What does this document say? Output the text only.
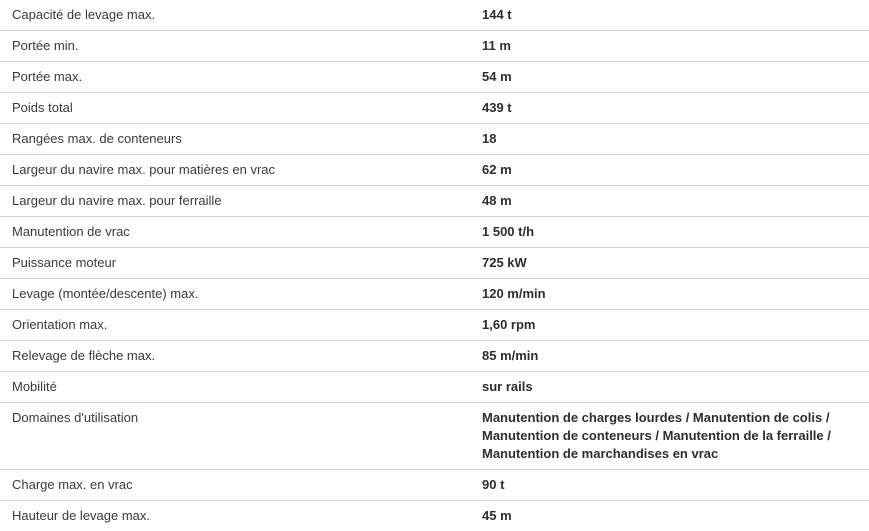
Capacité de levage max.	144 t
Portée min.	11 m
Portée max.	54 m
Poids total	439 t
Rangées max. de conteneurs	18
Largeur du navire max. pour matières en vrac	62 m
Largeur du navire max. pour ferraille	48 m
Manutention de vrac	1 500 t/h
Puissance moteur	725 kW
Levage (montée/descente) max.	120 m/min
Orientation max.	1,60 rpm
Relevage de flèche max.	85 m/min
Mobilité	sur rails
Domaines d'utilisation	Manutention de charges lourdes / Manutention de colis / Manutention de conteneurs / Manutention de la ferraille / Manutention de marchandises en vrac
Charge max. en vrac	90 t
Hauteur de levage max.	45 m
